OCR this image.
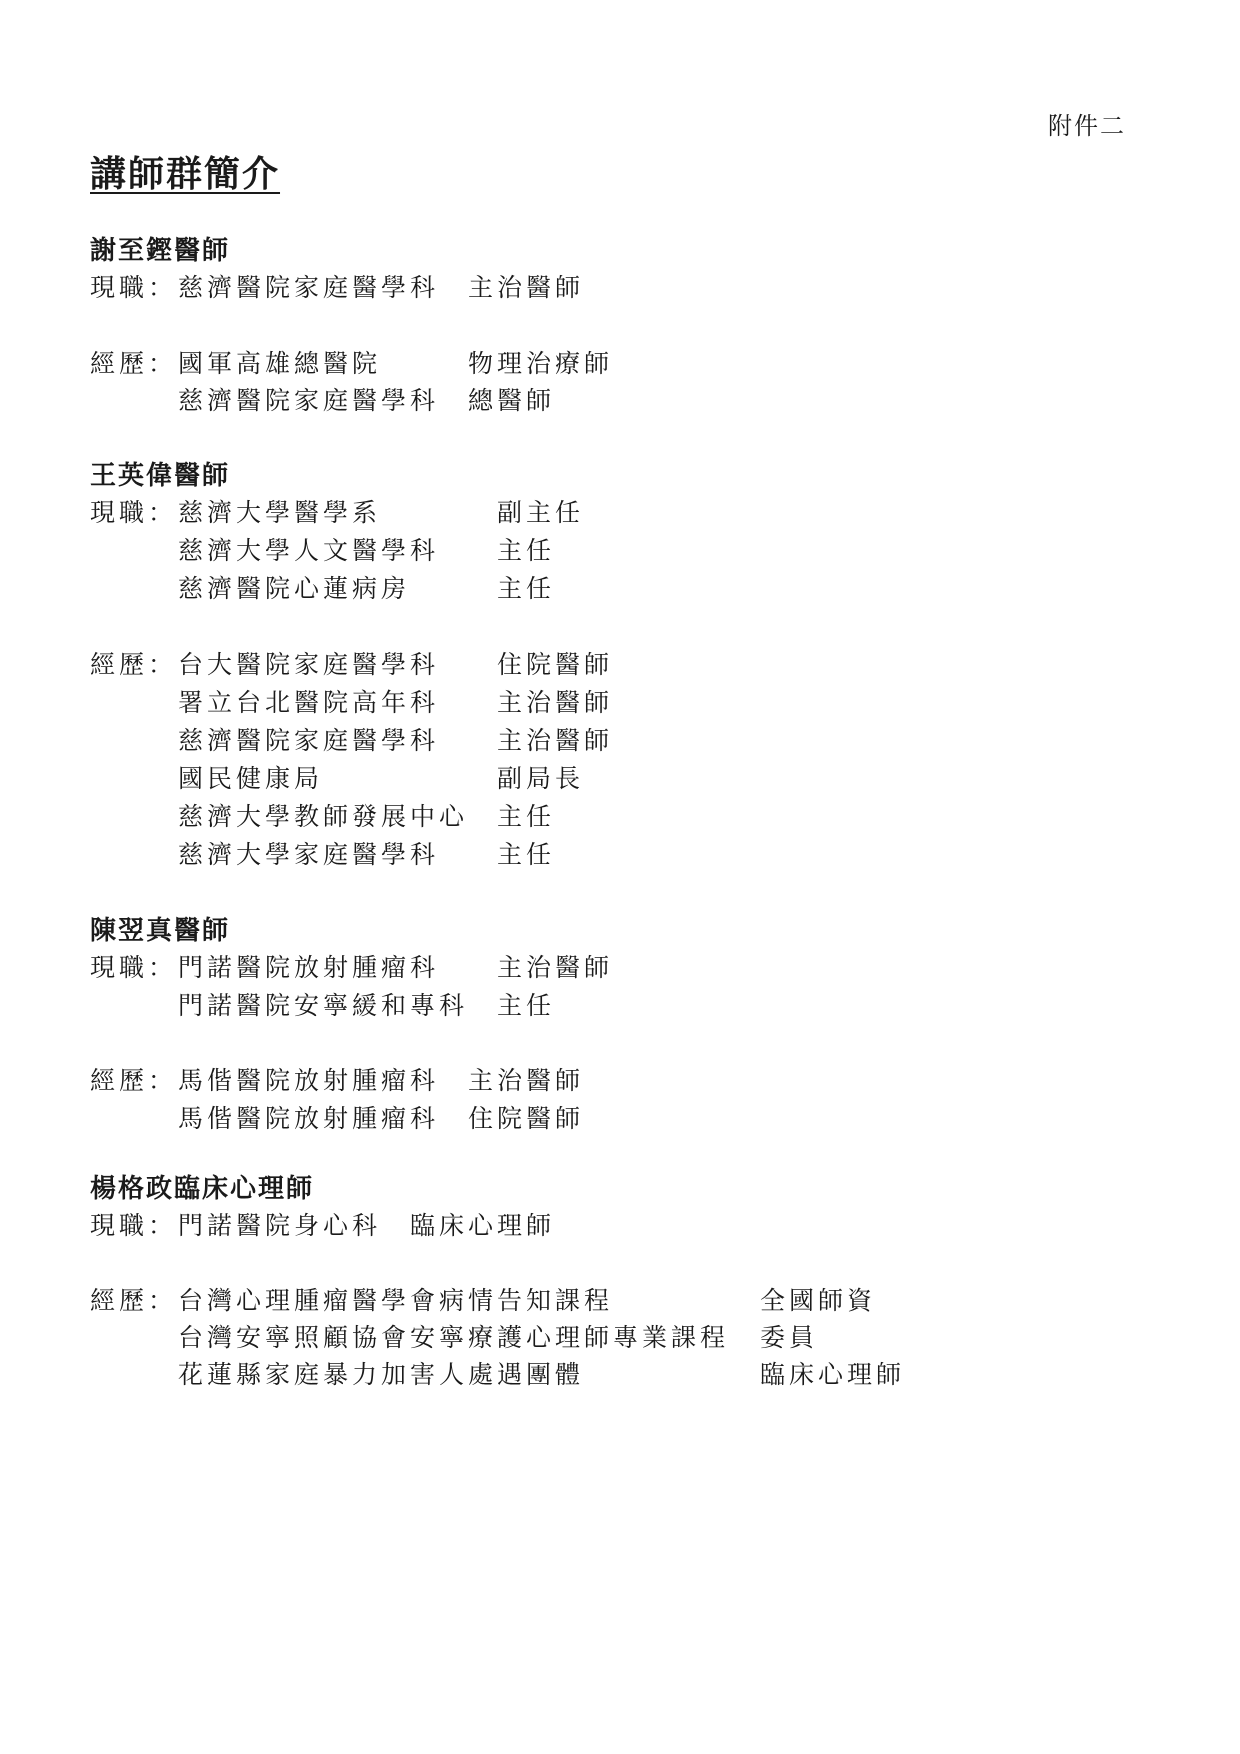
附件二
講師群簡介
謝至鏗醫師
現職： 慈濟醫院家庭醫學科 主治醫師
經歷： 國軍高雄總醫院	物理治療師
慈濟醫院家庭醫學科 總醫師
王英偉醫師
現職： 慈濟大學醫學系	副主任
慈濟大學人文醫學科 主任
慈濟醫院心蓮病房	主任
經歷： 台大醫院家庭醫學科 住院醫師
署立台北醫院高年科 主治醫師
慈濟醫院家庭醫學科 主治醫師
國民健康局	副局長
慈濟大學教師發展中心 主任
慈濟大學家庭醫學科 主任
陳翌真醫師
現職： 門諾醫院放射腫瘤科 主治醫師
門諾醫院安寧緩和專科 主任
經歷： 馬偕醫院放射腫瘤科 主治醫師
馬偕醫院放射腫瘤科 住院醫師
楊格政臨床心理師
現職： 門諾醫院身心科 臨床心理師
經歷： 台灣心理腫瘤醫學會病情告知課程	全國師資
台灣安寧照顧協會安寧療護心理師專業課程 委員
花蓮縣家庭暴力加害人處遇團體	臨床心理師
